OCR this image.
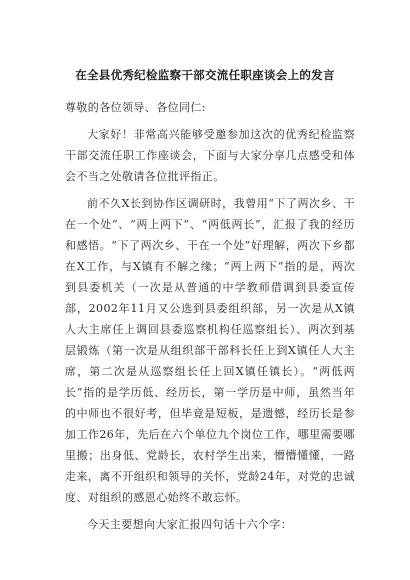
在全县优秀纪检监察干部交流任职座谈会上的发言

尊敬的各位领导、各位同仁:

大家好！非常高兴能够受邀参加这次的优秀纪检监察干部交流任职工作座谈会，下面与大家分享几点感受和体会不当之处敬请各位批评指正。

前不久X长到协作区调研时，我曾用“下了两次乡、干在一个处”、“两上两下”、“两低两长”，汇报了我的经历和感悟。“下了两次乡、干在一个处”好理解，两次下乡都在X工作，与X镇有不解之缘；“两上两下”指的是，两次到县委机关（一次是从普通的中学教师借调到县委宣传部，2002年11月又公选到县委组织部，另一次是从X镇人大主席任上调回县委巡察机构任巡察组长）、两次到基层锻炼（第一次是从组织部干部科长任上到X镇任人大主席，第二次是从巡察组长任上回X镇任镇长）。“两低两长”指的是学历低、经历长，第一学历是中师，虽然当年的中师也不很好考，但毕竟是短板，是遗憾，经历长是参加工作26年，先后在六个单位九个岗位工作，哪里需要哪里搬；出身低、党龄长，农村学生出来，懵懵懂懂，一路走来，离不开组织和领导的关怀，党龄24年，对党的忠诚度、对组织的感恩心始终不敢忘怀。

今天主要想向大家汇报四句话十六个字：
